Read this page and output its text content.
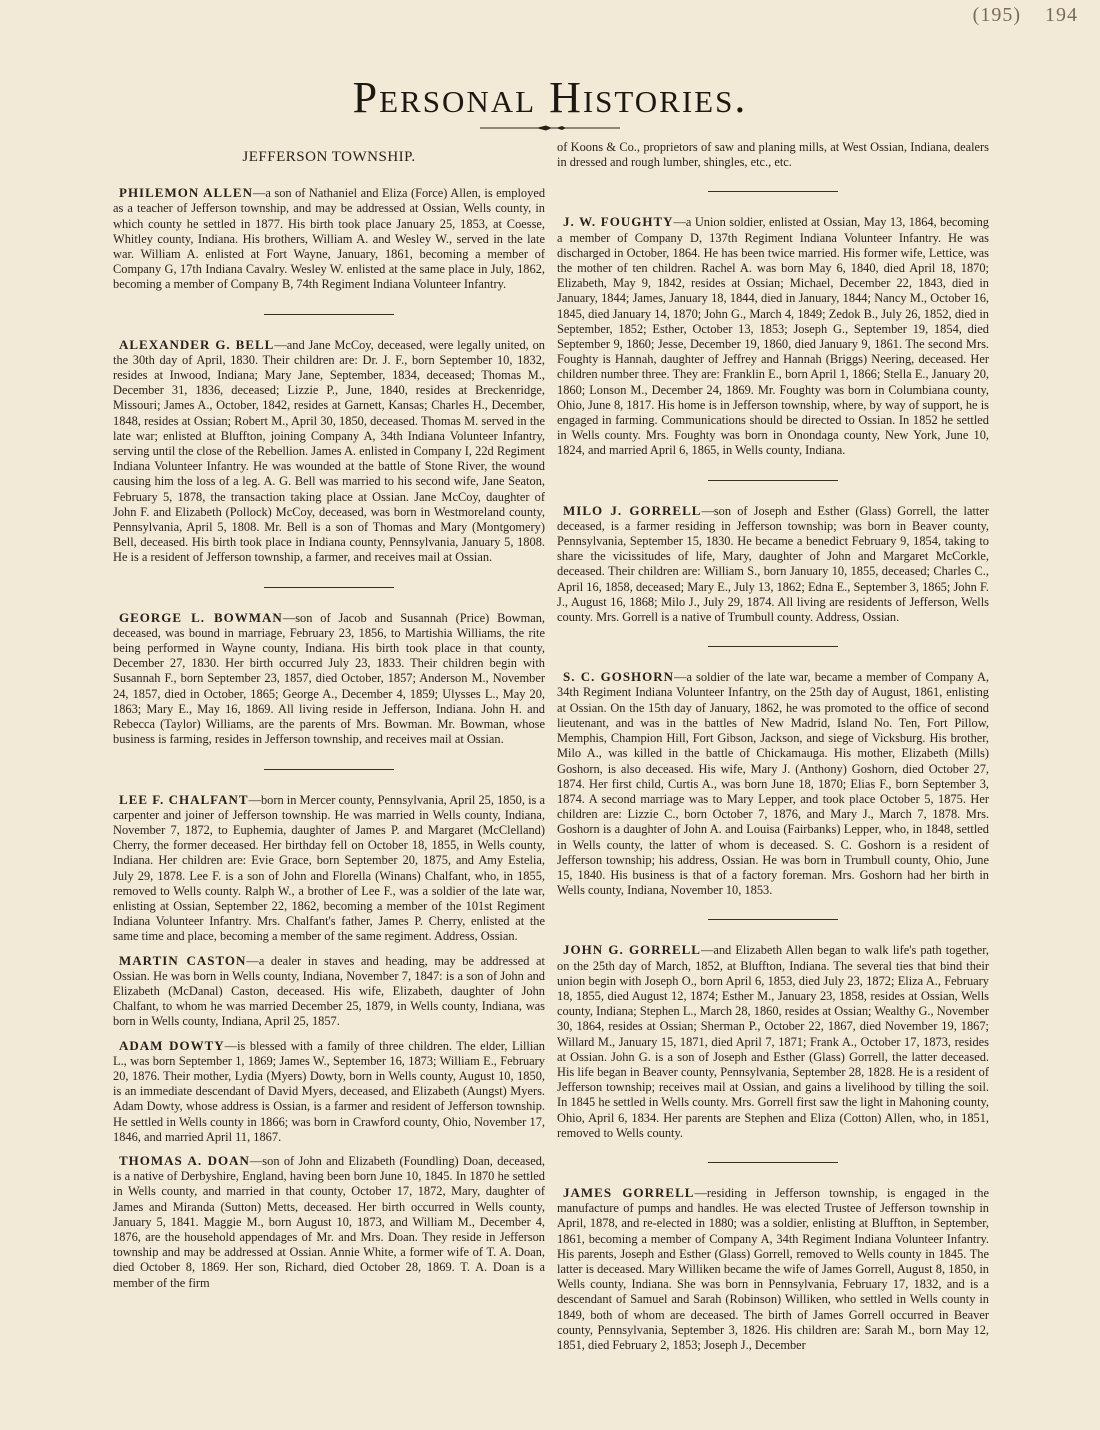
(195) 194
Personal Histories.
JEFFERSON TOWNSHIP.

PHILEMON ALLEN—a son of Nathaniel and Eliza (Force) Allen, is employed as a teacher of Jefferson township, and may be addressed at Ossian, Wells county, in which county he settled in 1877. His birth took place January 25, 1853, at Coesse, Whitley county, Indiana. His brothers, William A. and Wesley W., served in the late war. William A. enlisted at Fort Wayne, January, 1861, becoming a member of Company G, 17th Indiana Cavalry. Wesley W. enlisted at the same place in July, 1862, becoming a member of Company B, 74th Regiment Indiana Volunteer Infantry.

ALEXANDER G. BELL—and Jane McCoy, deceased, were legally united, on the 30th day of April, 1830. Their children are: Dr. J. F., born September 10, 1832, resides at Inwood, Indiana; Mary Jane, September, 1834, deceased; Thomas M., December 31, 1836, deceased; Lizzie P., June, 1840, resides at Breckenridge, Missouri; James A., October, 1842, resides at Garnett, Kansas; Charles H., December, 1848, resides at Ossian; Robert M., April 30, 1850, deceased. Thomas M. served in the late war; enlisted at Bluffton, joining Company A, 34th Indiana Volunteer Infantry, serving until the close of the Rebellion. James A. enlisted in Company I, 22d Regiment Indiana Volunteer Infantry. He was wounded at the battle of Stone River, the wound causing him the loss of a leg. A. G. Bell was married to his second wife, Jane Seaton, February 5, 1878, the transaction taking place at Ossian. Jane McCoy, daughter of John F. and Elizabeth (Pollock) McCoy, deceased, was born in Westmoreland county, Pennsylvania, April 5, 1808. Mr. Bell is a son of Thomas and Mary (Montgomery) Bell, deceased. His birth took place in Indiana county, Pennsylvania, January 5, 1808. He is a resident of Jefferson township, a farmer, and receives mail at Ossian.

GEORGE L. BOWMAN—son of Jacob and Susannah (Price) Bowman, deceased, was bound in marriage, February 23, 1856, to Martishia Williams, the rite being performed in Wayne county, Indiana. His birth took place in that county, December 27, 1830. Her birth occurred July 23, 1833. Their children begin with Susannah F., born September 23, 1857, died October, 1857; Anderson M., November 24, 1857, died in October, 1865; George A., December 4, 1859; Ulysses L., May 20, 1863; Mary E., May 16, 1869. All living reside in Jefferson, Indiana. John H. and Rebecca (Taylor) Williams, are the parents of Mrs. Bowman. Mr. Bowman, whose business is farming, resides in Jefferson township, and receives mail at Ossian.

LEE F. CHALFANT—born in Mercer county, Pennsylvania, April 25, 1850, is a carpenter and joiner of Jefferson township. He was married in Wells county, Indiana, November 7, 1872, to Euphemia, daughter of James P. and Margaret (McClelland) Cherry, the former deceased. Her birthday fell on October 18, 1855, in Wells county, Indiana. Her children are: Evie Grace, born September 20, 1875, and Amy Estelia, July 29, 1878. Lee F. is a son of John and Florella (Winans) Chalfant, who, in 1855, removed to Wells county. Ralph W., a brother of Lee F., was a soldier of the late war, enlisting at Ossian, September 22, 1862, becoming a member of the 101st Regiment Indiana Volunteer Infantry. Mrs. Chalfant's father, James P. Cherry, enlisted at the same time and place, becoming a member of the same regiment. Address, Ossian.

MARTIN CASTON—a dealer in staves and heading, may be addressed at Ossian. He was born in Wells county, Indiana, November 7, 1847: is a son of John and Elizabeth (McDanal) Caston, deceased. His wife, Elizabeth, daughter of John Chalfant, to whom he was married December 25, 1879, in Wells county, Indiana, was born in Wells county, Indiana, April 25, 1857.

ADAM DOWTY—is blessed with a family of three children. The elder, Lillian L., was born September 1, 1869; James W., September 16, 1873; William E., February 20, 1876. Their mother, Lydia (Myers) Dowty, born in Wells county, August 10, 1850, is an immediate descendant of David Myers, deceased, and Elizabeth (Aungst) Myers. Adam Dowty, whose address is Ossian, is a farmer and resident of Jefferson township. He settled in Wells county in 1866; was born in Crawford county, Ohio, November 17, 1846, and married April 11, 1867.

THOMAS A. DOAN—son of John and Elizabeth (Foundling) Doan, deceased, is a native of Derbyshire, England, having been born June 10, 1845. In 1870 he settled in Wells county, and married in that county, October 17, 1872, Mary, daughter of James and Miranda (Sutton) Metts, deceased. Her birth occurred in Wells county, January 5, 1841. Maggie M., born August 10, 1873, and William M., December 4, 1876, are the household appendages of Mr. and Mrs. Doan. They reside in Jefferson township and may be addressed at Ossian. Annie White, a former wife of T. A. Doan, died October 8, 1869. Her son, Richard, died October 28, 1869. T. A. Doan is a member of the firm

of Koons & Co., proprietors of saw and planing mills, at West Ossian, Indiana, dealers in dressed and rough lumber, shingles, etc., etc.

J. W. FOUGHTY—a Union soldier, enlisted at Ossian, May 13, 1864, becoming a member of Company D, 137th Regiment Indiana Volunteer Infantry. He was discharged in October, 1864. He has been twice married. His former wife, Lettice, was the mother of ten children. Rachel A. was born May 6, 1840, died April 18, 1870; Elizabeth, May 9, 1842, resides at Ossian; Michael, December 22, 1843, died in January, 1844; James, January 18, 1844, died in January, 1844; Nancy M., October 16, 1845, died January 14, 1870; John G., March 4, 1849; Zedok B., July 26, 1852, died in September, 1852; Esther, October 13, 1853; Joseph G., September 19, 1854, died September 9, 1860; Jesse, December 19, 1860, died January 9, 1861. The second Mrs. Foughty is Hannah, daughter of Jeffrey and Hannah (Briggs) Neering, deceased. Her children number three. They are: Franklin E., born April 1, 1866; Stella E., January 20, 1860; Lonson M., December 24, 1869. Mr. Foughty was born in Columbiana county, Ohio, June 8, 1817. His home is in Jefferson township, where, by way of support, he is engaged in farming. Communications should be directed to Ossian. In 1852 he settled in Wells county. Mrs. Foughty was born in Onondaga county, New York, June 10, 1824, and married April 6, 1865, in Wells county, Indiana.

MILO J. GORRELL—son of Joseph and Esther (Glass) Gorrell, the latter deceased, is a farmer residing in Jefferson township; was born in Beaver county, Pennsylvania, September 15, 1830. He became a benedict February 9, 1854, taking to share the vicissitudes of life, Mary, daughter of John and Margaret McCorkle, deceased. Their children are: William S., born January 10, 1855, deceased; Charles C., April 16, 1858, deceased; Mary E., July 13, 1862; Edna E., September 3, 1865; John F. J., August 16, 1868; Milo J., July 29, 1874. All living are residents of Jefferson, Wells county. Mrs. Gorrell is a native of Trumbull county. Address, Ossian.

S. C. GOSHORN—a soldier of the late war, became a member of Company A, 34th Regiment Indiana Volunteer Infantry, on the 25th day of August, 1861, enlisting at Ossian. On the 15th day of January, 1862, he was promoted to the office of second lieutenant, and was in the battles of New Madrid, Island No. Ten, Fort Pillow, Memphis, Champion Hill, Fort Gibson, Jackson, and siege of Vicksburg. His brother, Milo A., was killed in the battle of Chickamauga. His mother, Elizabeth (Mills) Goshorn, is also deceased. His wife, Mary J. (Anthony) Goshorn, died October 27, 1874. Her first child, Curtis A., was born June 18, 1870; Elias F., born September 3, 1874. A second marriage was to Mary Lepper, and took place October 5, 1875. Her children are: Lizzie C., born October 7, 1876, and Mary J., March 7, 1878. Mrs. Goshorn is a daughter of John A. and Louisa (Fairbanks) Lepper, who, in 1848, settled in Wells county, the latter of whom is deceased. S. C. Goshorn is a resident of Jefferson township; his address, Ossian. He was born in Trumbull county, Ohio, June 15, 1840. His business is that of a factory foreman. Mrs. Goshorn had her birth in Wells county, Indiana, November 10, 1853.

JOHN G. GORRELL—and Elizabeth Allen began to walk life's path together, on the 25th day of March, 1852, at Bluffton, Indiana. The several ties that bind their union begin with Joseph O., born April 6, 1853, died July 23, 1872; Eliza A., February 18, 1855, died August 12, 1874; Esther M., January 23, 1858, resides at Ossian, Wells county, Indiana; Stephen L., March 28, 1860, resides at Ossian; Wealthy G., November 30, 1864, resides at Ossian; Sherman P., October 22, 1867, died November 19, 1867; Willard M., January 15, 1871, died April 7, 1871; Frank A., October 17, 1873, resides at Ossian. John G. is a son of Joseph and Esther (Glass) Gorrell, the latter deceased. His life began in Beaver county, Pennsylvania, September 28, 1828. He is a resident of Jefferson township; receives mail at Ossian, and gains a livelihood by tilling the soil. In 1845 he settled in Wells county. Mrs. Gorrell first saw the light in Mahoning county, Ohio, April 6, 1834. Her parents are Stephen and Eliza (Cotton) Allen, who, in 1851, removed to Wells county.

JAMES GORRELL—residing in Jefferson township, is engaged in the manufacture of pumps and handles. He was elected Trustee of Jefferson township in April, 1878, and re-elected in 1880; was a soldier, enlisting at Bluffton, in September, 1861, becoming a member of Company A, 34th Regiment Indiana Volunteer Infantry. His parents, Joseph and Esther (Glass) Gorrell, removed to Wells county in 1845. The latter is deceased. Mary Williken became the wife of James Gorrell, August 8, 1850, in Wells county, Indiana. She was born in Pennsylvania, February 17, 1832, and is a descendant of Samuel and Sarah (Robinson) Williken, who settled in Wells county in 1849, both of whom are deceased. The birth of James Gorrell occurred in Beaver county, Pennsylvania, September 3, 1826. His children are: Sarah M., born May 12, 1851, died February 2, 1853; Joseph J., December
